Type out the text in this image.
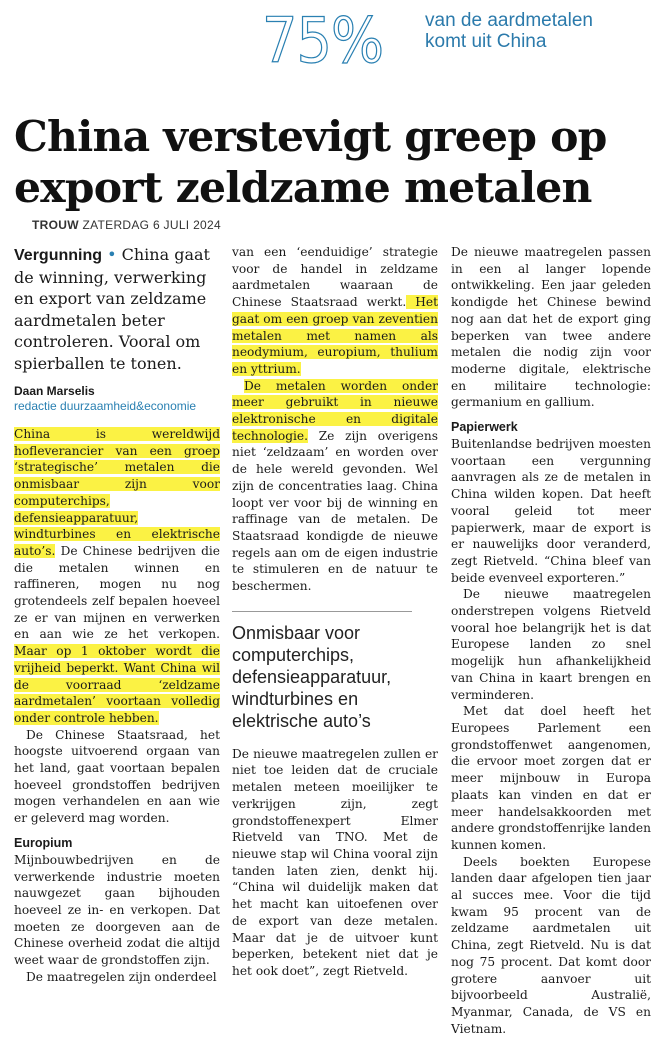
75% van de aardmetalen komt uit China
China verstevigt greep op export zeldzame metalen
TROUW ZATERDAG 6 JULI 2024
Vergunning • China gaat de winning, verwerking en export van zeldzame aardmetalen beter controleren. Vooral om spierballen te tonen.
Daan Marselis
redactie duurzaamheid&economie

China is wereldwijd hofleverancier van een groep ‘strategische’ metalen die onmisbaar zijn voor computerchips, defensieapparatuur, windturbines en elektrische auto’s. De Chinese bedrijven die die metalen winnen en raffineren, mogen nu nog grotendeels zelf bepalen hoeveel ze er van mijnen en verwerken en aan wie ze het verkopen. Maar op 1 oktober wordt die vrijheid beperkt. Want China wil de voorraad ‘zeldzame aardmetalen’ voortaan volledig onder controle hebben.

De Chinese Staatsraad, het hoogste uitvoerend orgaan van het land, gaat voortaan bepalen hoeveel grondstoffen bedrijven mogen verhandelen en aan wie er geleverd mag worden.

Europium

Mijnbouwbedrijven en de verwerkende industrie moeten nauwgezet gaan bijhouden hoeveel ze in- en verkopen. Dat moeten ze doorgeven aan de Chinese overheid zodat die altijd weet waar de grondstoffen zijn.

De maatregelen zijn onderdeel

van een ‘eenduidige’ strategie voor de handel in zeldzame aardmetalen waaraan de Chinese Staatsraad werkt. Het gaat om een groep van zeventien metalen met namen als neodymium, europium, thulium en yttrium.

De metalen worden onder meer gebruikt in nieuwe elektronische en digitale technologie. Ze zijn overigens niet ‘zeldzaam’ en worden over de hele wereld gevonden. Wel zijn de concentraties laag. China loopt ver voor bij de winning en raffinage van de metalen. De Staatsraad kondigde de nieuwe regels aan om de eigen industrie te stimuleren en de natuur te beschermen.

Onmisbaar voor computerchips, defensieapparatuur, windturbines en elektrische auto’s

De nieuwe maatregelen zullen er niet toe leiden dat de cruciale metalen meteen moeilijker te verkrijgen zijn, zegt grondstoffenexpert Elmer Rietveld van TNO. Met de nieuwe stap wil China vooral zijn tanden laten zien, denkt hij. “China wil duidelijk maken dat het macht kan uitoefenen over de export van deze metalen. Maar dat je de uitvoer kunt beperken, betekent niet dat je het ook doet”, zegt Rietveld.

De nieuwe maatregelen passen in een al langer lopende ontwikkeling. Een jaar geleden kondigde het Chinese bewind nog aan dat het de export ging beperken van twee andere metalen die nodig zijn voor moderne digitale, elektrische en militaire technologie: germanium en gallium.

Papierwerk

Buitenlandse bedrijven moesten voortaan een vergunning aanvragen als ze de metalen in China wilden kopen. Dat heeft vooral geleid tot meer papierwerk, maar de export is er nauwelijks door veranderd, zegt Rietveld. “China bleef van beide evenveel exporteren.”

De nieuwe maatregelen onderstrepen volgens Rietveld vooral hoe belangrijk het is dat Europese landen zo snel mogelijk hun afhankelijkheid van China in kaart brengen en verminderen.

Met dat doel heeft het Europees Parlement een grondstoffenwet aangenomen, die ervoor moet zorgen dat er meer mijnbouw in Europa plaats kan vinden en dat er meer handelsakkoorden met andere grondstoffenrijke landen kunnen komen.

Deels boekten Europese landen daar afgelopen tien jaar al succes mee. Voor die tijd kwam 95 procent van de zeldzame aardmetalen uit China, zegt Rietveld. Nu is dat nog 75 procent. Dat komt door grotere aanvoer uit bijvoorbeeld Australië, Myanmar, Canada, de VS en Vietnam.
